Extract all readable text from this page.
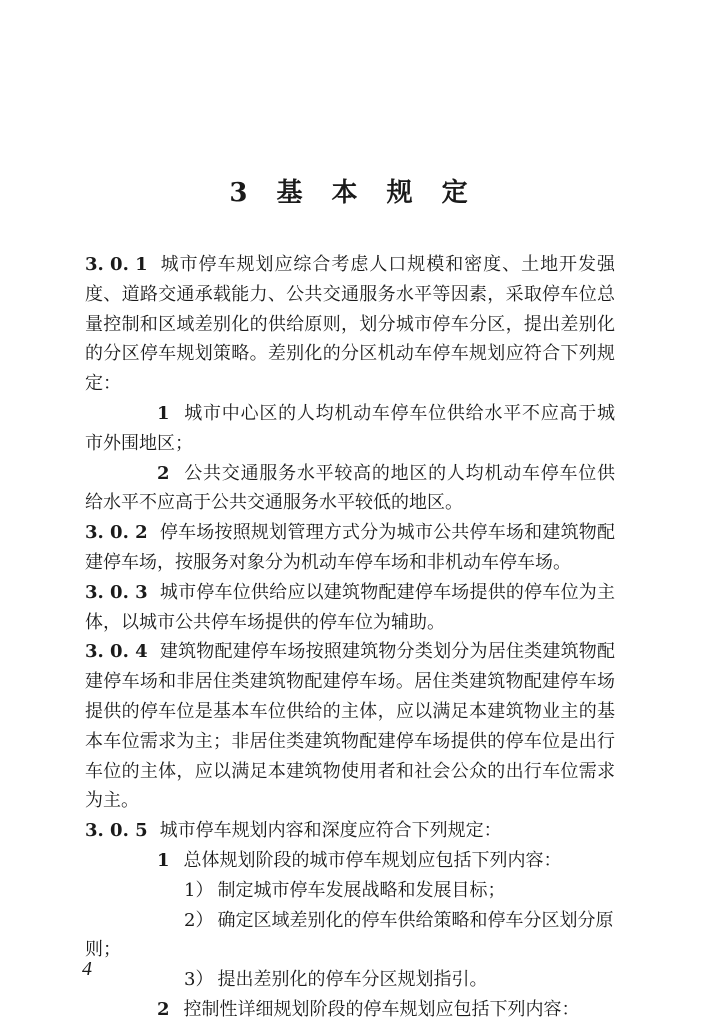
3 基 本 规 定

3. 0. 1 城市停车规划应综合考虑人口规模和密度、土地开发强度、道路交通承载能力、公共交通服务水平等因素，采取停车位总量控制和区域差别化的供给原则，划分城市停车分区，提出差别化的分区停车规划策略。差别化的分区机动车停车规划应符合下列规定：

1 城市中心区的人均机动车停车位供给水平不应高于城市外围地区；

2 公共交通服务水平较高的地区的人均机动车停车位供给水平不应高于公共交通服务水平较低的地区。

3. 0. 2 停车场按照规划管理方式分为城市公共停车场和建筑物配建停车场，按服务对象分为机动车停车场和非机动车停车场。

3. 0. 3 城市停车位供给应以建筑物配建停车场提供的停车位为主体，以城市公共停车场提供的停车位为辅助。

3. 0. 4 建筑物配建停车场按照建筑物分类划分为居住类建筑物配建停车场和非居住类建筑物配建停车场。居住类建筑物配建停车场提供的停车位是基本车位供给的主体，应以满足本建筑物业主的基本车位需求为主；非居住类建筑物配建停车场提供的停车位是出行车位的主体，应以满足本建筑物使用者和社会公众的出行车位需求为主。

3. 0. 5 城市停车规划内容和深度应符合下列规定：

1 总体规划阶段的城市停车规划应包括下列内容：

1） 制定城市停车发展战略和发展目标；

2） 确定区域差别化的停车供给策略和停车分区划分原则；

3） 提出差别化的停车分区规划指引。

2 控制性详细规划阶段的停车规划应包括下列内容：

4
